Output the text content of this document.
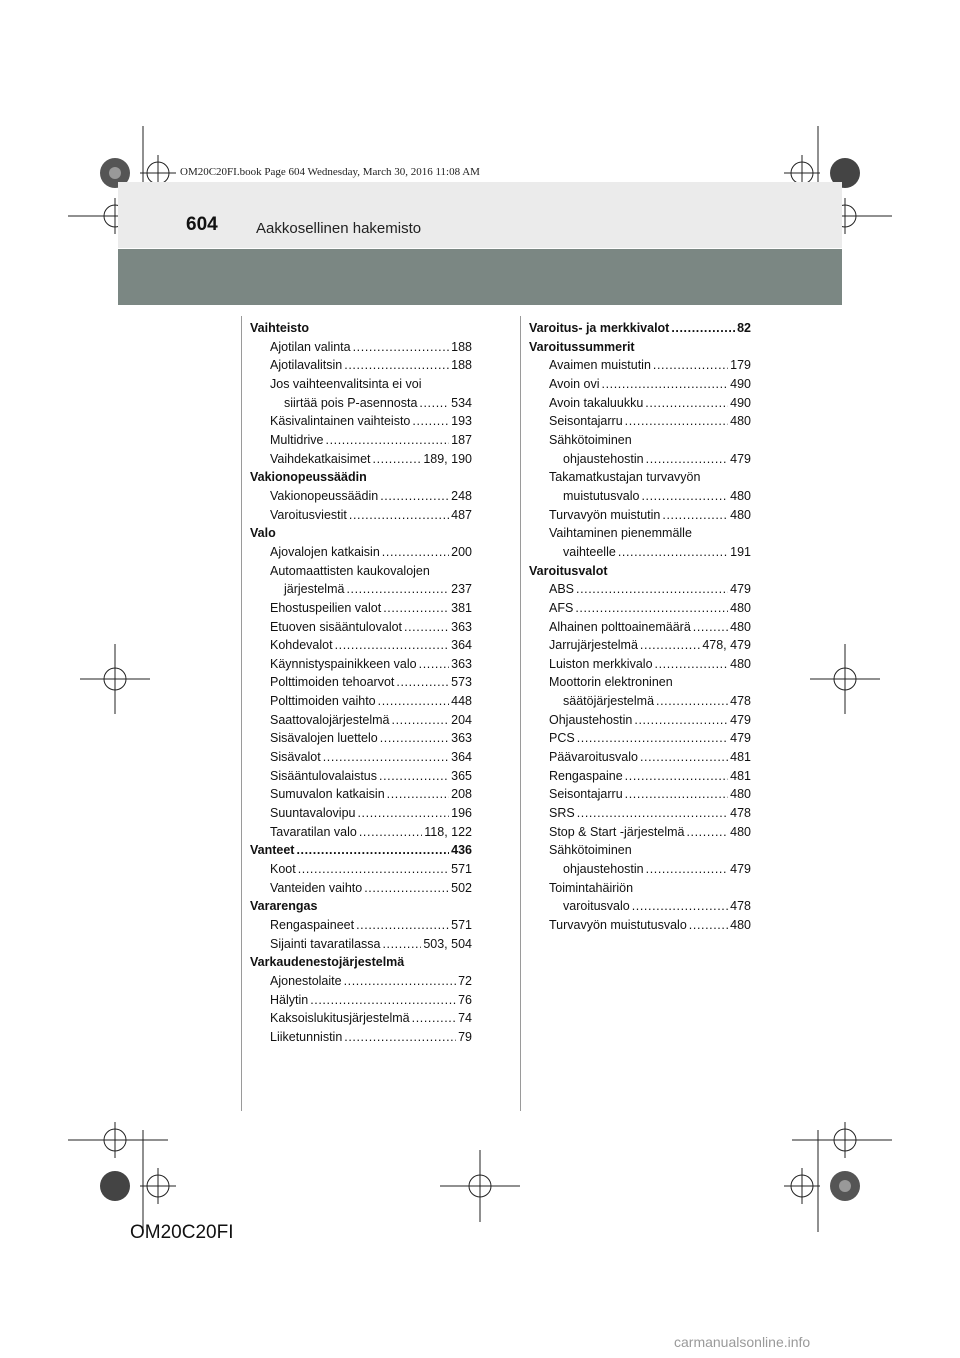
OM20C20FI.book Page 604 Wednesday, March 30, 2016 11:08 AM
604	Aakkosellinen hakemisto
Vaihteisto
Ajotilan valinta .....	188
Ajotilavalitsin .....	188
Jos vaihteenvalitsinta ei voi
siirtää pois P-asennosta .....	534
Käsivalintainen vaihteisto .....	193
Multidrive .....	187
Vaihdekatkaisimet .....	189, 190
Vakionopeussäädin
Vakionopeussäädin .....	248
Varoitusviestit .....	487
Valo
Ajovalojen katkaisin .....	200
Automaattisten kaukovalojen
järjestelmä .....	237
Ehostuspeilien valot .....	381
Etuoven sisääntulovalot .....	363
Kohdevalot .....	364
Käynnistyspainikkeen valo .....	363
Polttimoiden tehoarvot .....	573
Polttimoiden vaihto .....	448
Saattovalojärjestelmä .....	204
Sisävalojen luettelo .....	363
Sisävalot .....	364
Sisääntulovalaistus .....	365
Sumuvalon katkaisin .....	208
Suuntavalovipu .....	196
Tavaratilan valo .....	118, 122
Vanteet .....	436
Koot .....	571
Vanteiden vaihto .....	502
Vararengas
Rengaspaineet .....	571
Sijainti tavaratilassa .....	503, 504
Varkaudenestojärjestelmä
Ajonestolaite .....	72
Hälytin .....	76
Kaksoislukitusjärjestelmä .....	74
Liiketunnistin .....	79
Varoitus- ja merkkivalot .....	82
Varoitussummerit
Avaimen muistutin .....	179
Avoin ovi .....	490
Avoin takaluukku .....	490
Seisontajarru .....	480
Sähkötoiminen
ohjaustehostin .....	479
Takamatkustajan turvavyön
muistutusvalo .....	480
Turvavyön muistutin .....	480
Vaihtaminen pienemmälle
vaihteelle .....	191
Varoitusvalot
ABS .....	479
AFS .....	480
Alhainen polttoainemäärä .....	480
Jarrujärjestelmä .....	478, 479
Luiston merkkivalo .....	480
Moottorin elektroninen
säätöjärjestelmä .....	478
Ohjaustehostin .....	479
PCS .....	479
Päävaroitusvalo .....	481
Rengaspaine .....	481
Seisontajarru .....	480
SRS .....	478
Stop & Start -järjestelmä .....	480
Sähkötoiminen
ohjaustehostin .....	479
Toimintahäiriön
varoitusvalo .....	478
Turvavyön muistutusvalo .....	480
OM20C20FI
carmanualsonline.info
